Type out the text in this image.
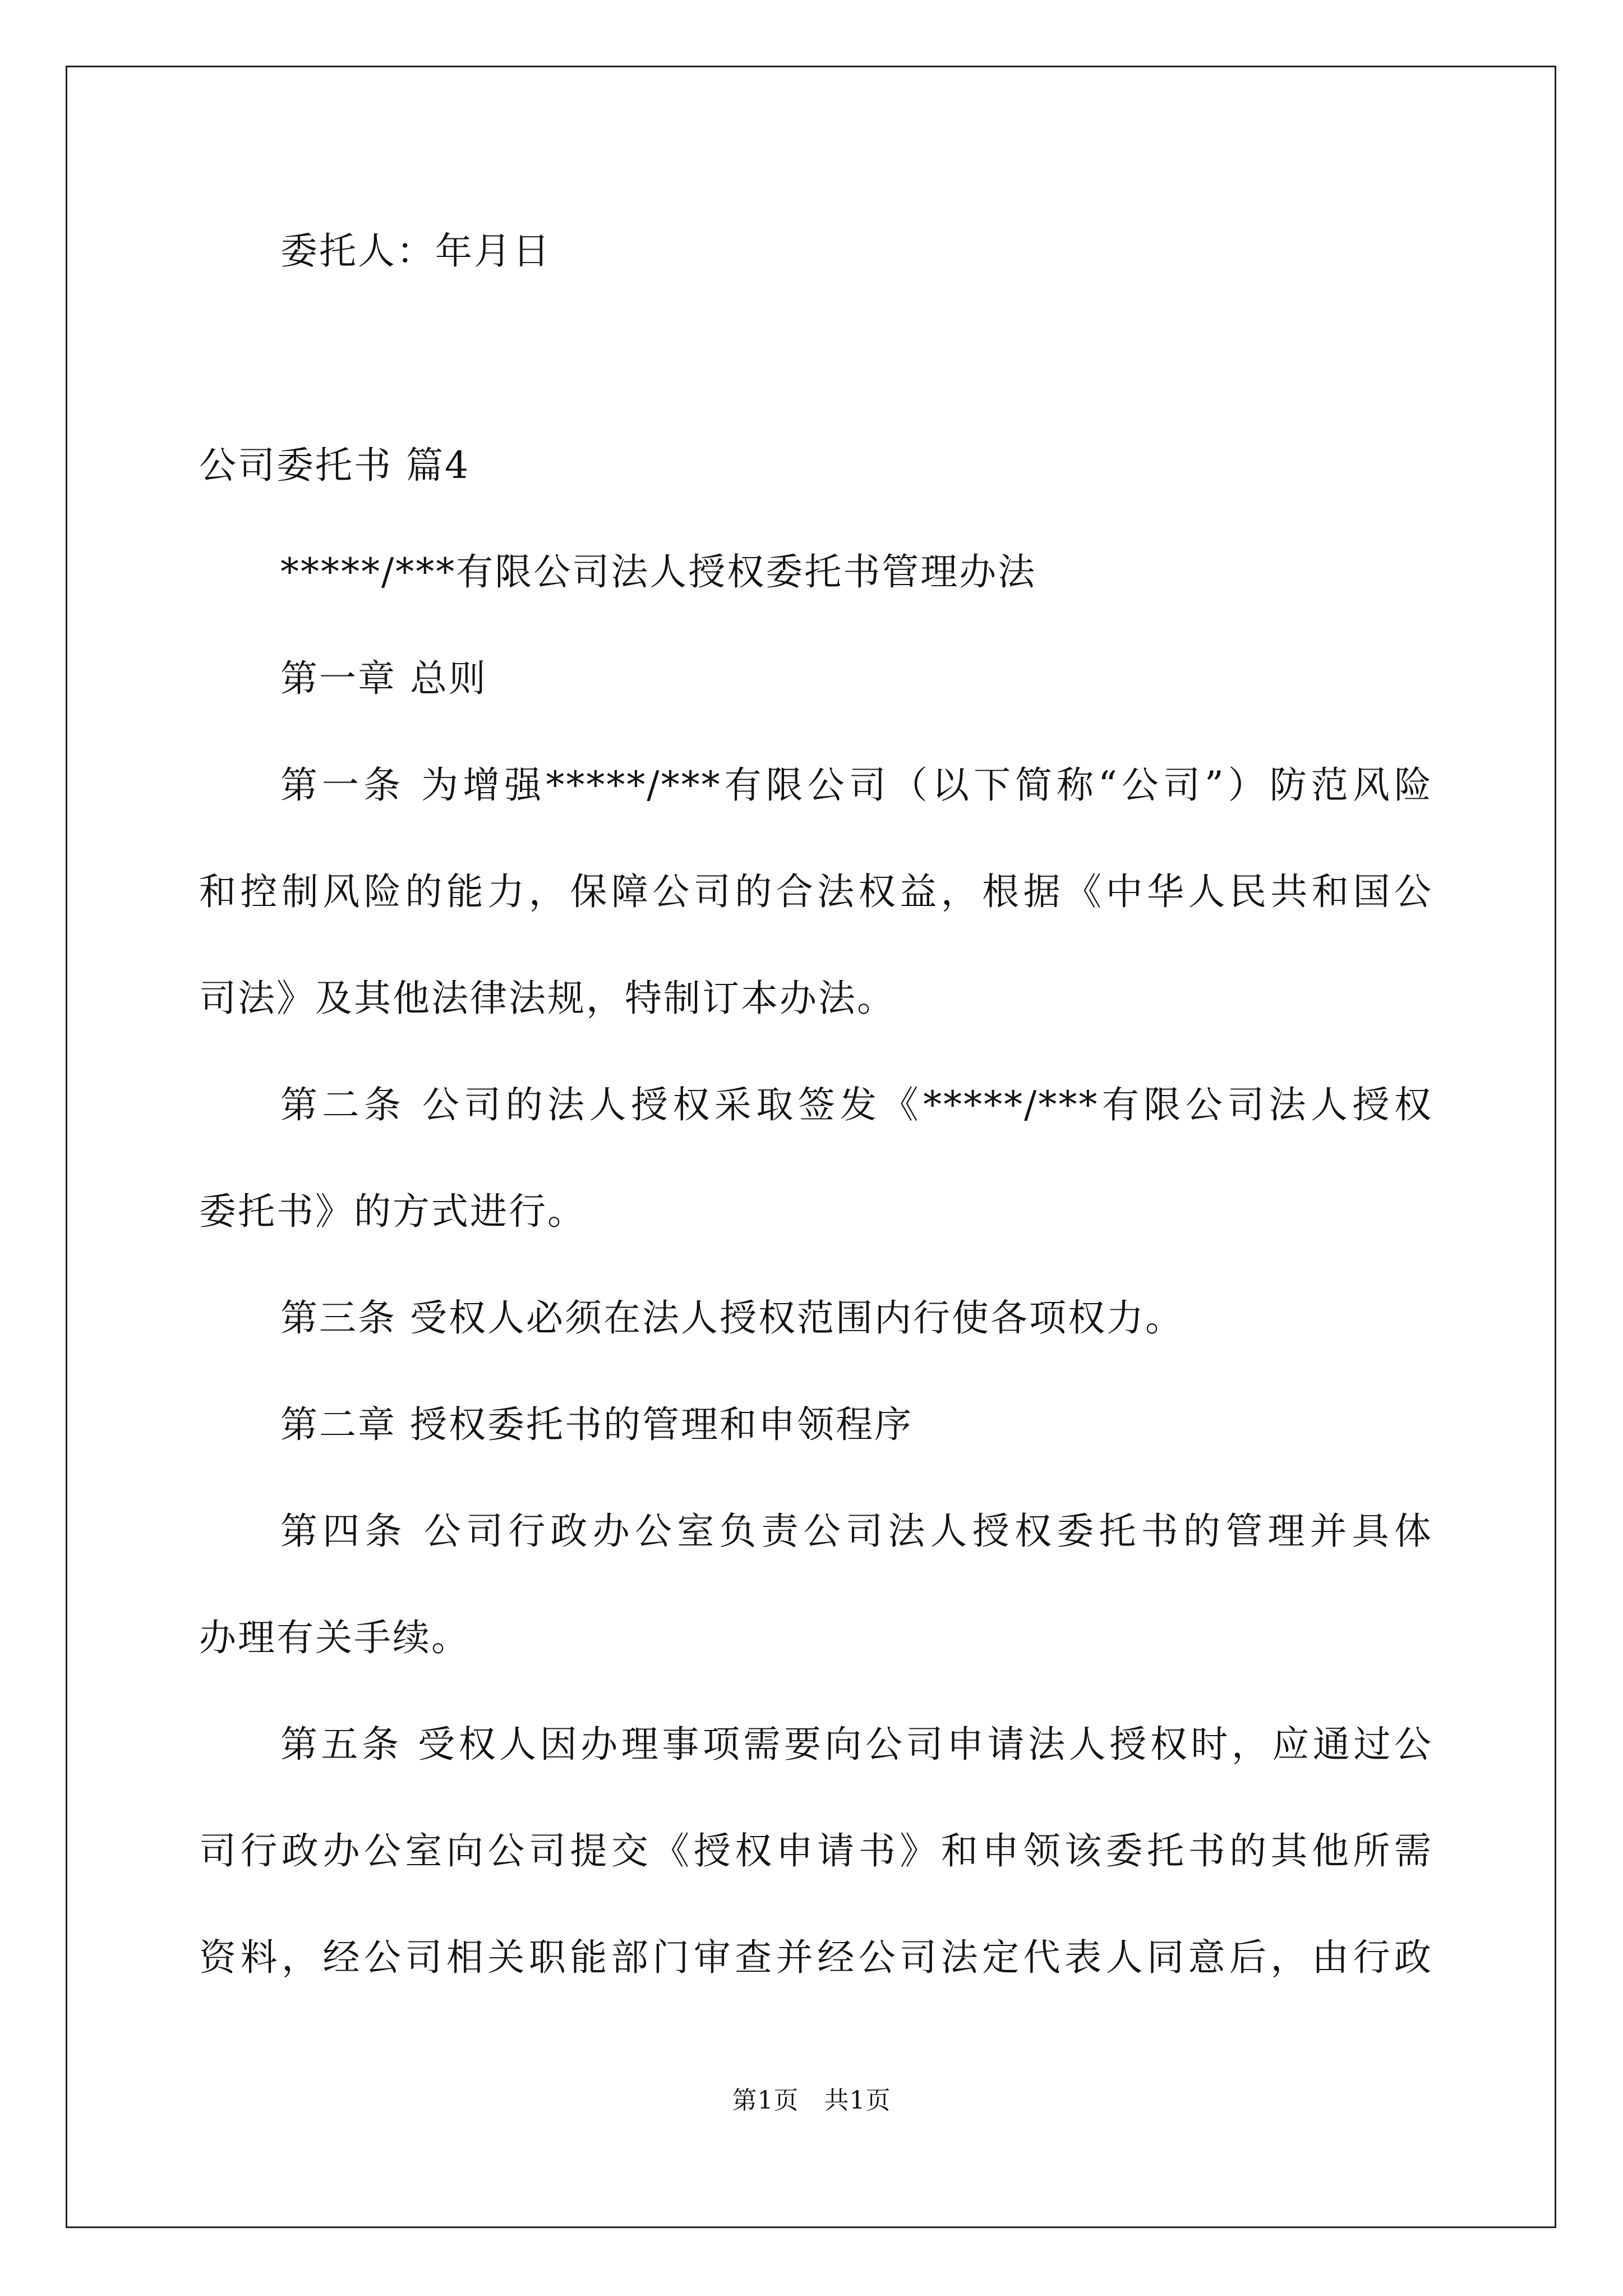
委托人：年月日
公司委托书 篇4
*****/***有限公司法人授权委托书管理办法
第一章 总则
第一条 为增强*****/***有限公司（以下简称“公司”）防范风险
和控制风险的能力，保障公司的合法权益，根据《中华人民共和国公
司法》及其他法律法规，特制订本办法。
第二条 公司的法人授权采取签发《*****/***有限公司法人授权
委托书》的方式进行。
第三条 受权人必须在法人授权范围内行使各项权力。
第二章 授权委托书的管理和申领程序
第四条 公司行政办公室负责公司法人授权委托书的管理并具体
办理有关手续。
第五条 受权人因办理事项需要向公司申请法人授权时，应通过公
司行政办公室向公司提交《授权申请书》和申领该委托书的其他所需
资料，经公司相关职能部门审查并经公司法定代表人同意后，由行政
第1页　共1页
